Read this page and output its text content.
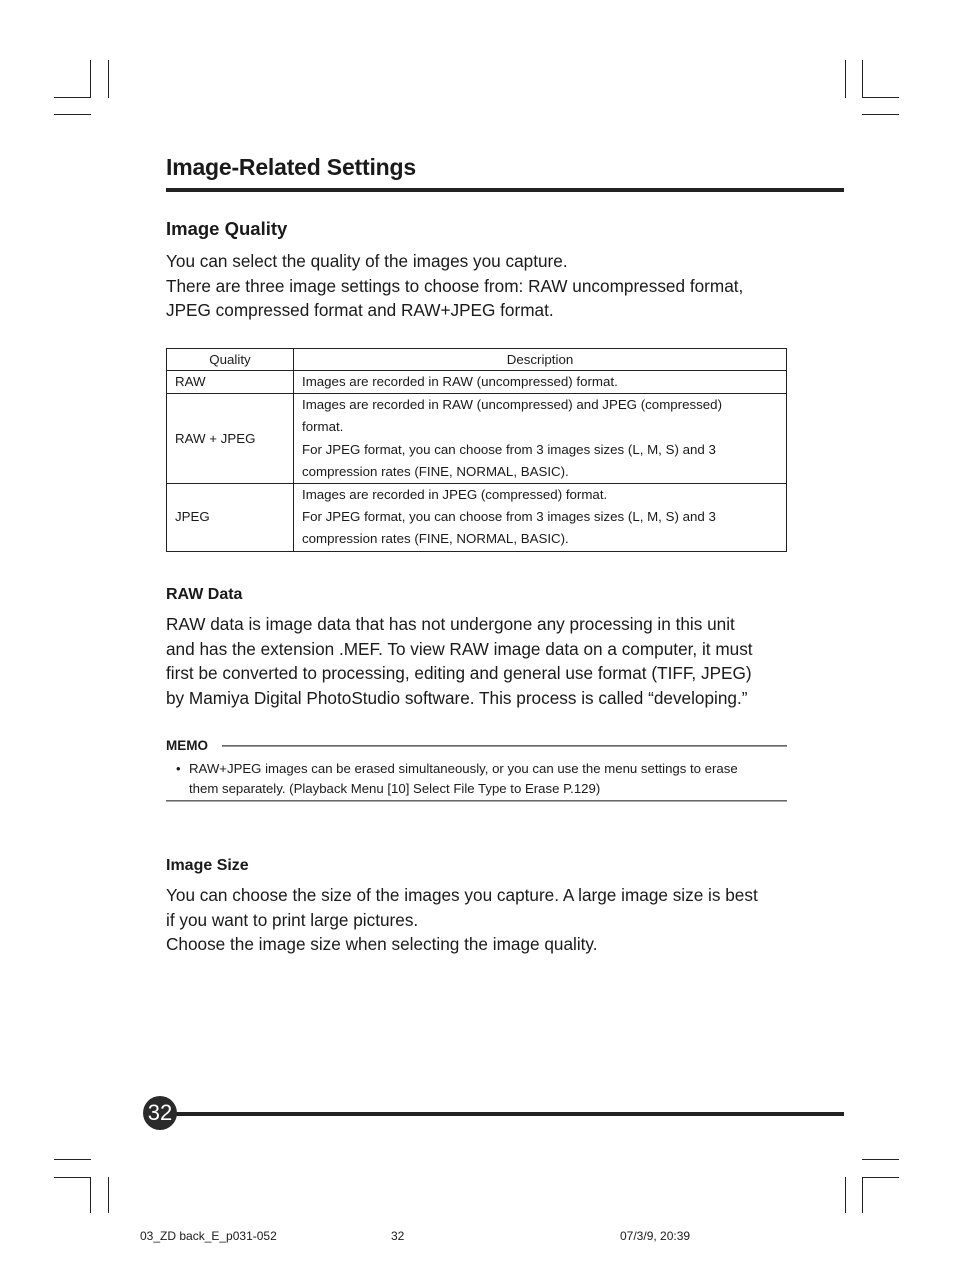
Image-Related Settings
Image Quality

You can select the quality of the images you capture.
There are three image settings to choose from: RAW uncompressed format,
JPEG compressed format and RAW+JPEG format.

Quality	Description
RAW	Images are recorded in RAW (uncompressed) format.

RAW + JPEG	Images are recorded in RAW (uncompressed) and JPEG (compressed)
format.
For JPEG format, you can choose from 3 images sizes (L, M, S) and 3
compression rates (FINE, NORMAL, BASIC).

JPEG	Images are recorded in JPEG (compressed) format.
For JPEG format, you can choose from 3 images sizes (L, M, S) and 3
compression rates (FINE, NORMAL, BASIC).
RAW Data

RAW data is image data that has not undergone any processing in this unit
and has the extension .MEF. To view RAW image data on a computer, it must
first be converted to processing, editing and general use format (TIFF, JPEG)
by Mamiya Digital PhotoStudio software. This process is called “developing.”

MEMO
• RAW+JPEG images can be erased simultaneously, or you can use the menu settings to erase
them separately. (Playback Menu [10] Select File Type to Erase P.129)
Image Size

You can choose the size of the images you capture. A large image size is best
if you want to print large pictures.
Choose the image size when selecting the image quality.

32
03_ZD back_E_p031-052	32	07/3/9, 20:39
